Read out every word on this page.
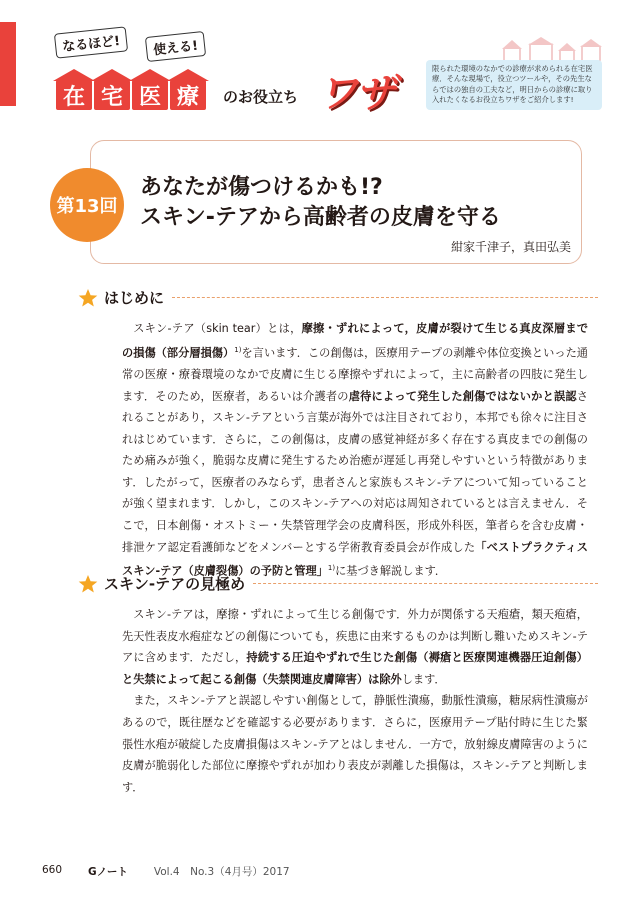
なるほど!	使える!
在 宅 医 療 のお役立ち ワザ
限られた環境のなかでの診療が求められる在宅医療．そんな現場で，役立つツールや，その先生ならではの独自の工夫など，明日からの診療に取り入れたくなるお役立ちワザをご紹介します!
第13回
あなたが傷つけるかも!?
スキン‐テアから高齢者の皮膚を守る
紺家千津子，真田弘美
はじめに

スキン‐テア（skin tear）とは，摩擦・ずれによって，皮膚が裂けて生じる真皮深層までの損傷（部分層損傷）$^{1)}$を言います．この創傷は，医療用テープの剥離や体位変換といった通常の医療・療養環境のなかで皮膚に生じる摩擦やずれによって，主に高齢者の四肢に発生します．そのため，医療者，あるいは介護者の虐待によって発生した創傷ではないかと誤認されることがあり，スキン‐テアという言葉が海外では注目されており，本邦でも徐々に注目されはじめています．さらに，この創傷は，皮膚の感覚神経が多く存在する真皮までの創傷のため痛みが強く，脆弱な皮膚に発生するため治癒が遅延し再発しやすいという特徴があります．したがって，医療者のみならず，患者さんと家族もスキン‐テアについて知っていることが強く望まれます．しかし，このスキン‐テアへの対応は周知されているとは言えません．そこで，日本創傷・オストミー・失禁管理学会の皮膚科医，形成外科医，筆者らを含む皮膚・排泄ケア認定看護師などをメンバーとする学術教育委員会が作成した「ベストプラクティス　スキン‐テア（皮膚裂傷）の予防と管理」$^{1)}$に基づき解説します．

スキン‐テアの見極め

スキン‐テアは，摩擦・ずれによって生じる創傷です．外力が関係する天疱瘡，類天疱瘡，先天性表皮水疱症などの創傷についても，疾患に由来するものかは判断し難いためスキン‐テアに含めます．ただし，持続する圧迫やずれで生じた創傷（褥瘡と医療関連機器圧迫創傷）と失禁によって起こる創傷（失禁関連皮膚障害）は除外します．

また，スキン‐テアと誤認しやすい創傷として，静脈性潰瘍，動脈性潰瘍，糖尿病性潰瘍があるので，既往歴などを確認する必要があります．さらに，医療用テープ貼付時に生じた緊張性水疱が破綻した皮膚損傷はスキン‐テアとはしません．一方で，放射線皮膚障害のように皮膚が脆弱化した部位に摩擦やずれが加わり表皮が剥離した損傷は，スキン‐テアと判断します．

660 Gノート Vol.4　No.3（4月号）2017
